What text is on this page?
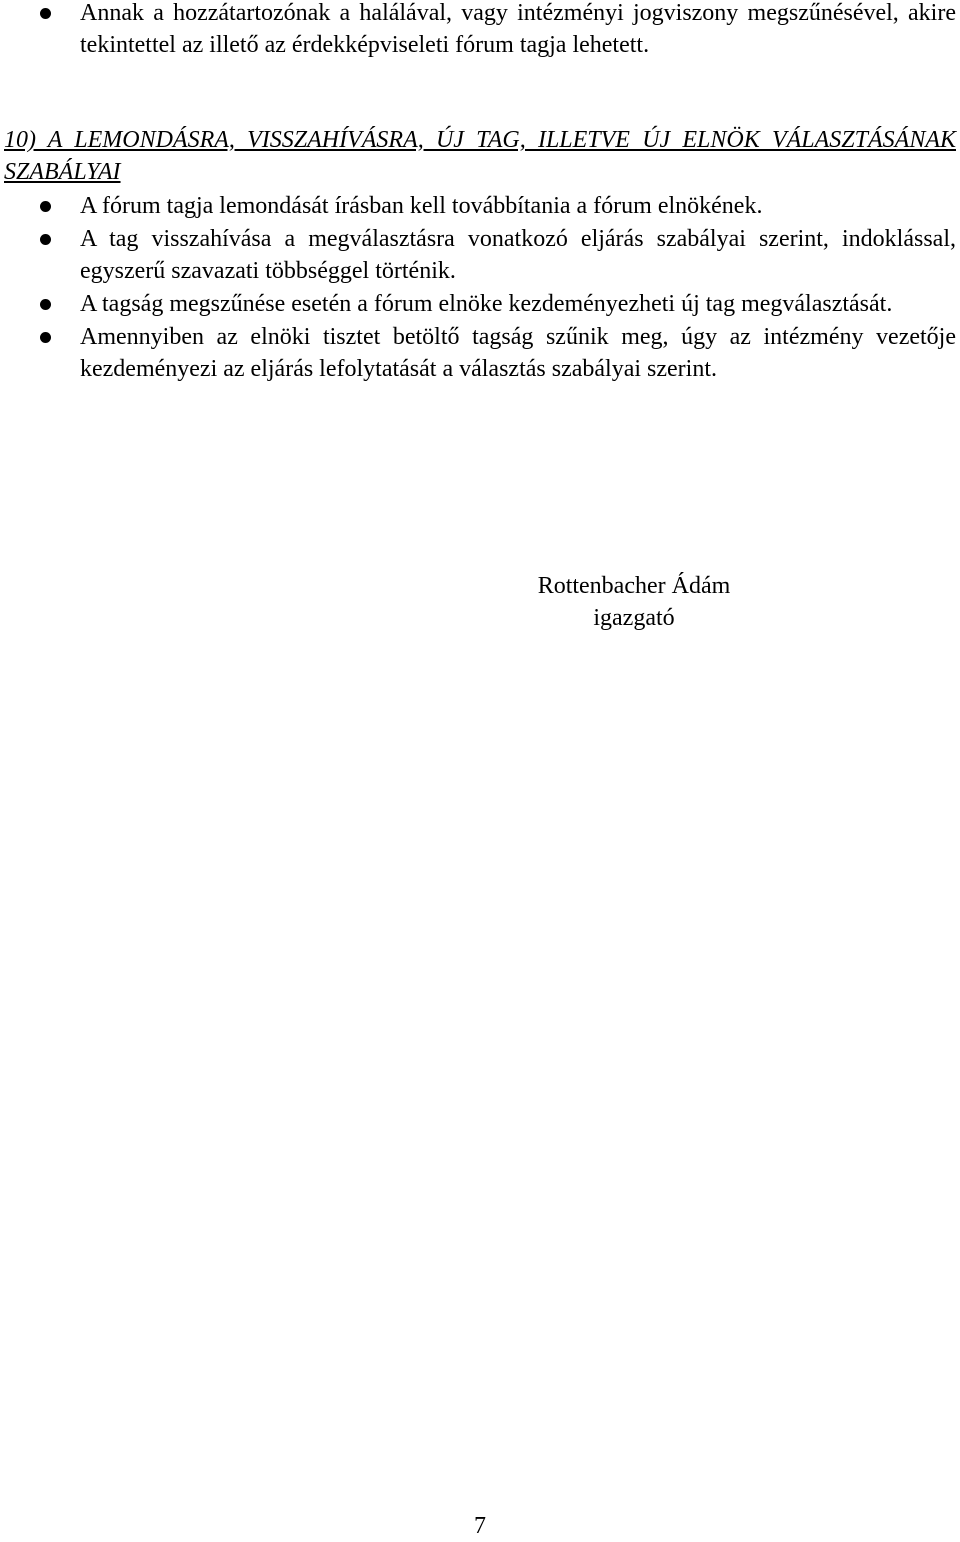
Annak a hozzátartozónak a halálával, vagy intézményi jogviszony megszűnésével, akire tekintettel az illető az érdekképviseleti fórum tagja lehetett.
10) A LEMONDÁSRA, VISSZAHÍVÁSRA, ÚJ TAG, ILLETVE ÚJ ELNÖK VÁLASZTÁSÁNAK SZABÁLYAI
A fórum tagja lemondását írásban kell továbbítania a fórum elnökének.
A tag visszahívása a megválasztásra vonatkozó eljárás szabályai szerint, indoklással, egyszerű szavazati többséggel történik.
A tagság megszűnése esetén a fórum elnöke kezdeményezheti új tag megválasztását.
Amennyiben az elnöki tisztet betöltő tagság szűnik meg, úgy az intézmény vezetője kezdeményezi az eljárás lefolytatását a választás szabályai szerint.
Rottenbacher Ádám
igazgató
7
